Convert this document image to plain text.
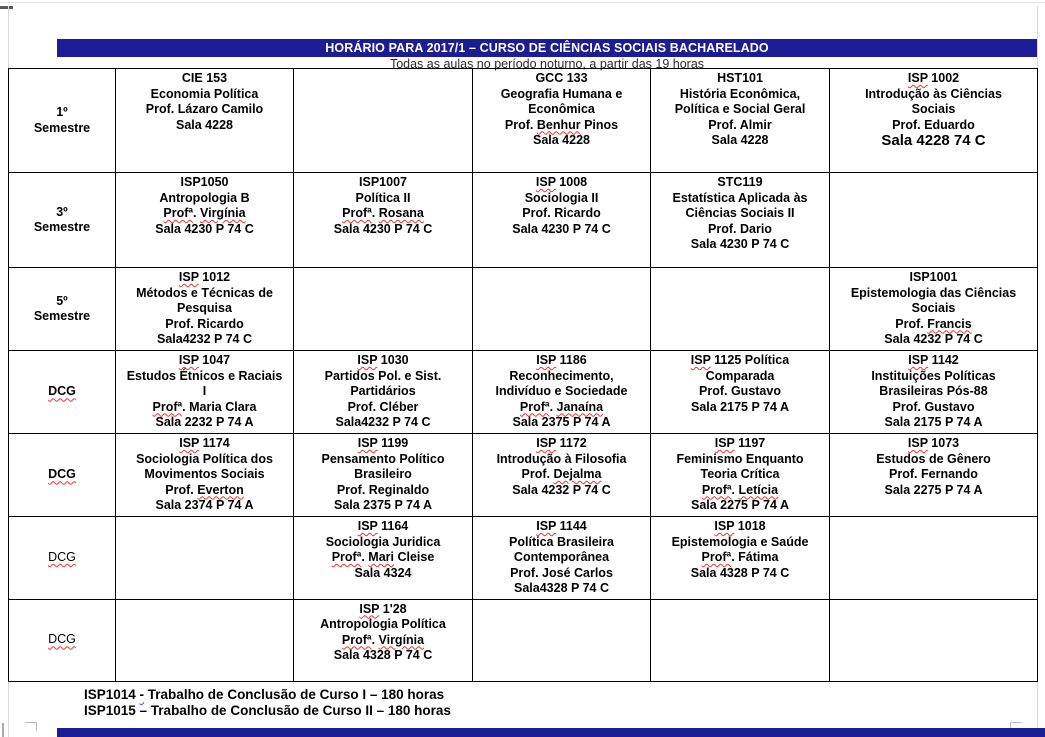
HORÁRIO PARA 2017/1 – CURSO DE CIÊNCIAS SOCIAIS BACHARELADO
Todas as aulas no período noturno, a partir das 19 horas
1º
Semestre	CIE 153
Economia Política
Prof. Lázaro Camilo
Sala 4228		GCC 133
Geografia Humana e
Econômica
Prof. Benhur Pinos
Sala 4228	HST101
História Econômica,
Política e Social Geral
Prof. Almir
Sala 4228	ISP 1002
Introdução às Ciências
Sociais
Prof. Eduardo
Sala 4228 74 C
3º
Semestre	ISP1050
Antropologia B
Profª. Virgínia
Sala 4230 P 74 C	ISP1007
Política II
Profª. Rosana
Sala 4230 P 74 C	ISP 1008
Sociologia II
Prof. Ricardo
Sala 4230 P 74 C	STC119
Estatística Aplicada às
Ciências Sociais II
Prof. Dario
Sala 4230 P 74 C	
5º
Semestre	ISP 1012
Métodos e Técnicas de
Pesquisa
Prof. Ricardo
Sala4232 P 74 C				ISP1001
Epistemologia das Ciências
Sociais
Prof. Francis
Sala 4232 P 74 C
DCG	ISP 1047
Estudos Étnicos e Raciais
I
Profª. Maria Clara
Sala 2232 P 74 A	ISP 1030
Partidos Pol. e Sist.
Partidários
Prof. Cléber
Sala4232 P 74 C	ISP 1186
Reconhecimento,
Indivíduo e Sociedade
Profª. Janaína
Sala 2375 P 74 A	ISP 1125 Política
Comparada
Prof. Gustavo
Sala 2175 P 74 A	ISP 1142
Instituições Políticas
Brasileiras Pós-88
Prof. Gustavo
Sala 2175 P 74 A
DCG	ISP 1174
Sociologia Política dos
Movimentos Sociais
Prof. Everton
Sala 2374 P 74 A	ISP 1199
Pensamento Político
Brasileiro
Prof. Reginaldo
Sala 2375 P 74 A	ISP 1172
Introdução à Filosofia
Prof. Dejalma
Sala 4232 P 74 C	ISP 1197
Feminismo Enquanto
Teoria Crítica
Profª. Letícia
Sala 2275 P 74 A	ISP 1073
Estudos de Gênero
Prof. Fernando
Sala 2275 P 74 A
DCG		ISP 1164
Sociologia Juridica
Profª. Mari Cleise
Sala 4324	ISP 1144
Política Brasileira
Contemporânea
Prof. José Carlos
Sala4328 P 74 C	ISP 1018
Epistemologia e Saúde
Profª. Fátima
Sala 4328 P 74 C	
DCG		ISP 1'28
Antropologia Política
Profª. Virgínia
Sala 4328 P 74 C			
ISP1014 - Trabalho de Conclusão de Curso I – 180 horas
ISP1015 – Trabalho de Conclusão de Curso II – 180 horas
